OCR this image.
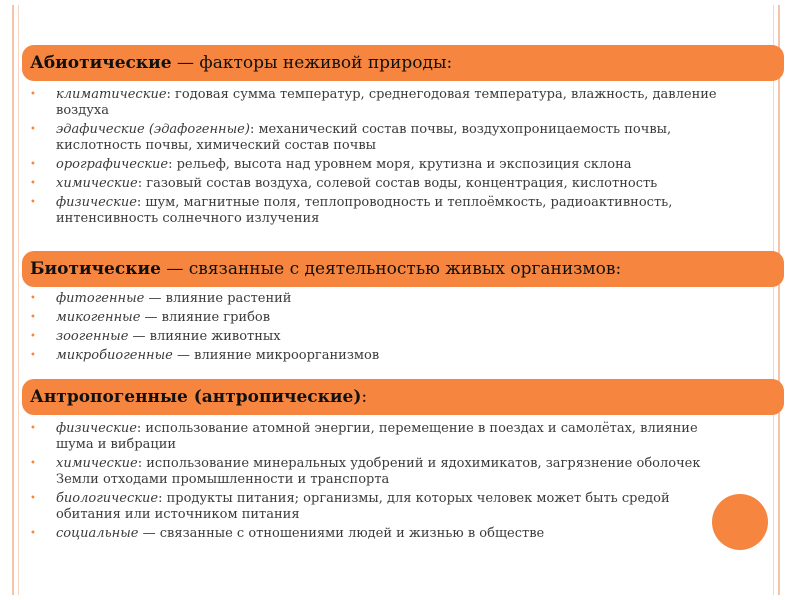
Абиотические — факторы неживой природы:
• климатические: годовая сумма температур, среднегодовая температура, влажность, давление
воздуха
• эдафические (эдафогенные): механический состав почвы, воздухопроницаемость почвы,
кислотность почвы, химический состав почвы
• орографические: рельеф, высота над уровнем моря, крутизна и экспозиция склона
• химические: газовый состав воздуха, солевой состав воды, концентрация, кислотность
• физические: шум, магнитные поля, теплопроводность и теплоёмкость, радиоактивность,
интенсивность солнечного излучения
Биотические — связанные с деятельностью живых организмов:
• фитогенные — влияние растений
• микогенные — влияние грибов
• зоогенные — влияние животных
• микробиогенные — влияние микроорганизмов
Антропогенные (антропические):
• физические: использование атомной энергии, перемещение в поездах и самолётах, влияние
шума и вибрации
• химические: использование минеральных удобрений и ядохимикатов, загрязнение оболочек
Земли отходами промышленности и транспорта
• биологические: продукты питания; организмы, для которых человек может быть средой
обитания или источником питания
• социальные — связанные с отношениями людей и жизнью в обществе
